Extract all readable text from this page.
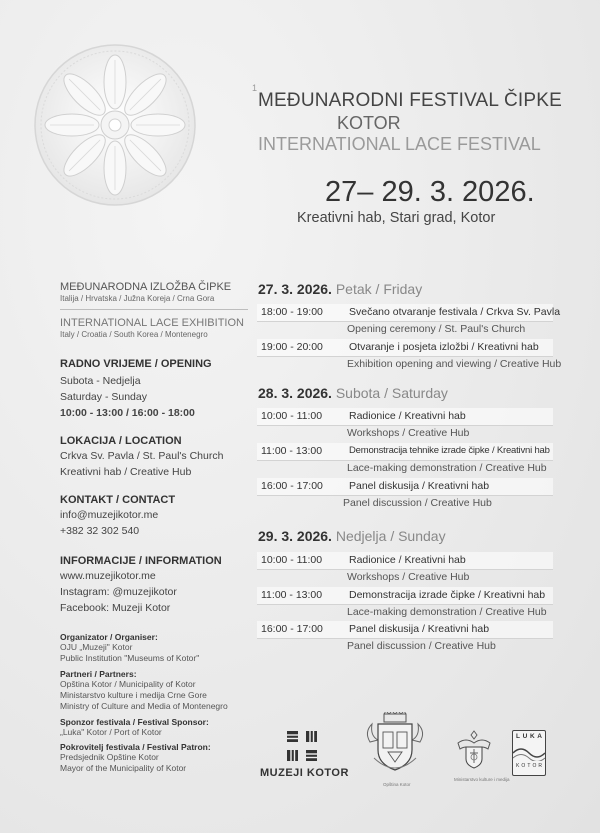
1
MEĐUNARODNI FESTIVAL ČIPKE
KOTOR
INTERNATIONAL LACE FESTIVAL
27– 29. 3. 2026.
Kreativni hab, Stari grad, Kotor
MEĐUNARODNA IZLOŽBA ČIPKE
Italija / Hrvatska / Južna Koreja / Crna Gora
INTERNATIONAL LACE EXHIBITION
Italy / Croatia / South Korea / Montenegro
RADNO VRIJEME / OPENING
Subota - Nedjelja
Saturday - Sunday
10:00 - 13:00 / 16:00 - 18:00
LOKACIJA / LOCATION
Crkva Sv. Pavla / St. Paul's Church
Kreativni hab / Creative Hub
KONTAKT / CONTACT
info@muzejikotor.me
+382 32 302 540
INFORMACIJE / INFORMATION
www.muzejikotor.me
Instagram: @muzejikotor
Facebook: Muzeji Kotor
Organizator / Organiser:
OJU „Muzeji" Kotor
Public Institution "Museums of Kotor"
Partneri / Partners:
Opština Kotor / Municipality of Kotor
Ministarstvo kulture i medija Crne Gore
Ministry of Culture and Media of Montenegro
Sponzor festivala / Festival Sponsor:
„Luka" Kotor / Port of Kotor
Pokrovitelj festivala / Festival Patron:
Predsjednik Opštine Kotor
Mayor of the Municipality of Kotor
27. 3. 2026. Petak / Friday
18:00 - 19:00 Svečano otvaranje festivala / Crkva Sv. Pavla
Opening ceremony / St. Paul's Church
19:00 - 20:00 Otvaranje i posjeta izložbi / Kreativni hab
Exhibition opening and viewing / Creative Hub
28. 3. 2026. Subota / Saturday
10:00 - 11:00	Radionice / Kreativni hab
Workshops / Creative Hub
11:00 - 13:00	Demonstracija tehnike izrade čipke / Kreativni hab
Lace-making demonstration / Creative Hub
16:00 - 17:00 Panel diskusija / Kreativni hab
Panel discussion / Creative Hub
29. 3. 2026. Nedjelja / Sunday
10:00 - 11:00	Radionice / Kreativni hab
Workshops / Creative Hub
11:00 - 13:00	Demonstracija izrade čipke / Kreativni hab
Lace-making demonstration / Creative Hub
16:00 - 17:00 Panel diskusija / Kreativni hab
Panel discussion / Creative Hub
MUZEJI KOTOR
Opština Kotor
Ministarstvo kulture i medija
L U K A
K O T O R
